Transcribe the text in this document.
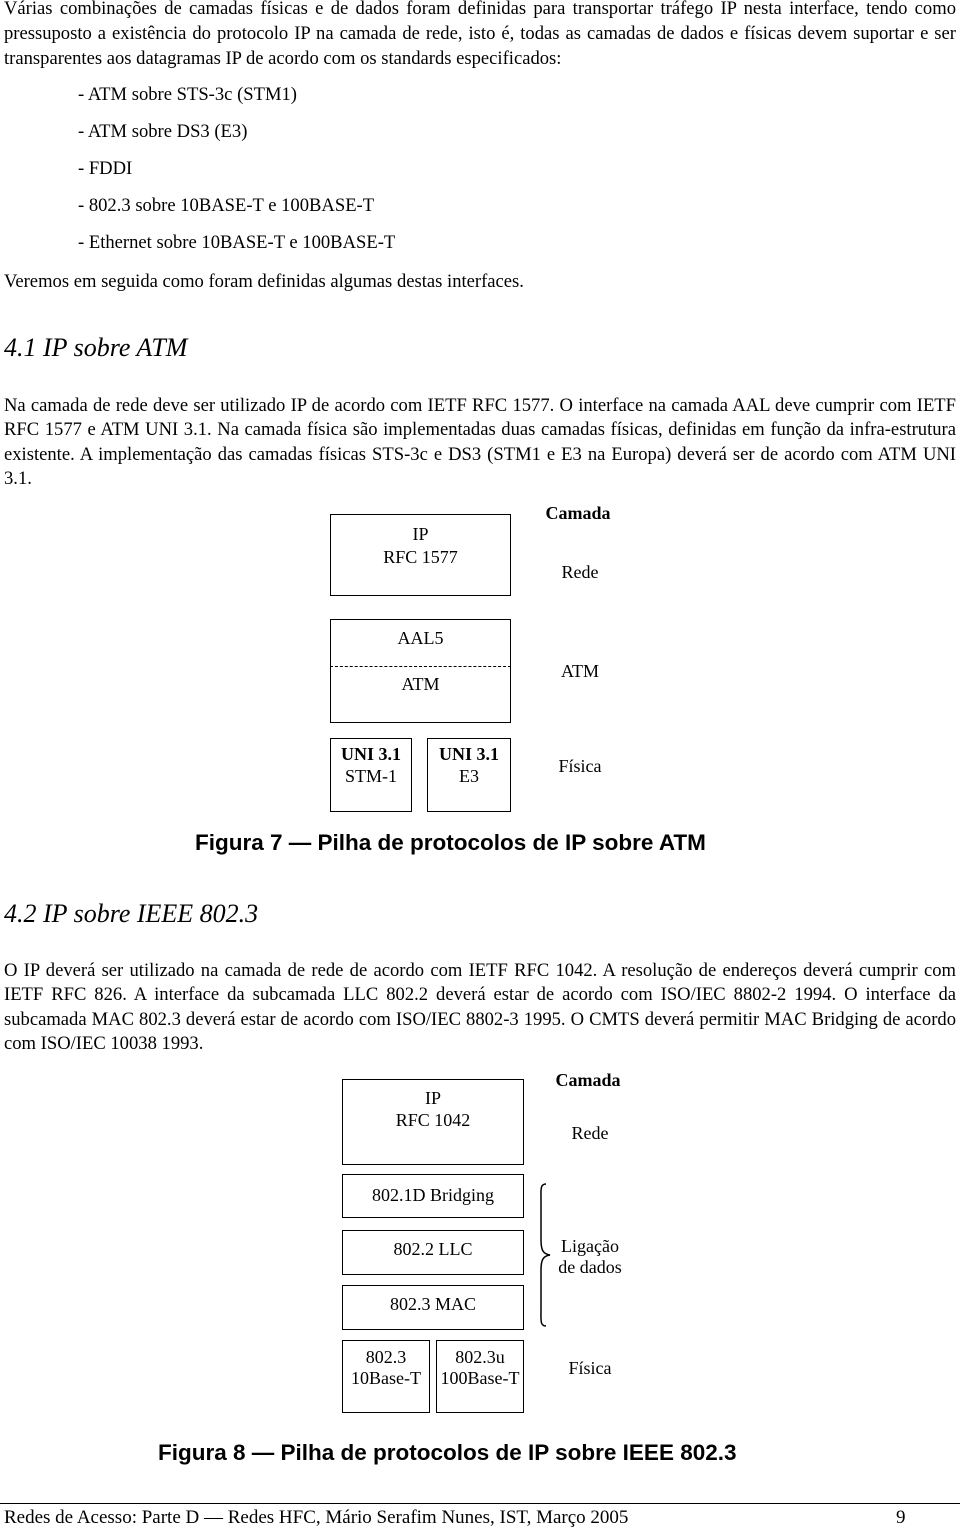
Várias combinações de camadas físicas e de dados foram definidas para transportar tráfego IP nesta interface, tendo como pressuposto a existência do protocolo IP na camada de rede, isto é, todas as camadas de dados e físicas devem suportar e ser transparentes aos datagramas IP de acordo com os standards especificados:
- ATM sobre STS-3c (STM1)
- ATM sobre DS3 (E3)
- FDDI
- 802.3 sobre 10BASE-T e 100BASE-T
- Ethernet sobre 10BASE-T e 100BASE-T
Veremos em seguida como foram definidas algumas destas interfaces.
4.1 IP sobre ATM
Na camada de rede deve ser utilizado IP de acordo com IETF RFC 1577. O interface na camada AAL deve cumprir com IETF RFC 1577 e ATM UNI 3.1. Na camada física são implementadas duas camadas físicas, definidas em função da infra-estrutura existente. A implementação das camadas físicas STS-3c e DS3 (STM1 e E3 na Europa) deverá ser de acordo com ATM UNI 3.1.
IP
RFC 1577
AAL5
ATM
UNI 3.1
STM-1
UNI 3.1
E3
Camada
Rede
ATM
Física
Figura 7 — Pilha de protocolos de IP sobre ATM
4.2 IP sobre IEEE 802.3
O IP deverá ser utilizado na camada de rede de acordo com IETF RFC 1042. A resolução de endereços deverá cumprir com IETF RFC 826. A interface da subcamada LLC 802.2 deverá estar de acordo com ISO/IEC 8802-2 1994. O interface da subcamada MAC 802.3 deverá estar de acordo com ISO/IEC 8802-3 1995. O CMTS deverá permitir MAC Bridging de acordo com ISO/IEC 10038 1993.
IP
RFC 1042
802.1D Bridging
802.2 LLC
802.3 MAC
802.3
10Base-T
802.3u
100Base-T
Camada
Rede
Ligação
de dados
Física
Figura 8 — Pilha de protocolos de IP sobre IEEE 802.3
Redes de Acesso: Parte D — Redes HFC, Mário Serafim Nunes, IST, Março 2005	9
